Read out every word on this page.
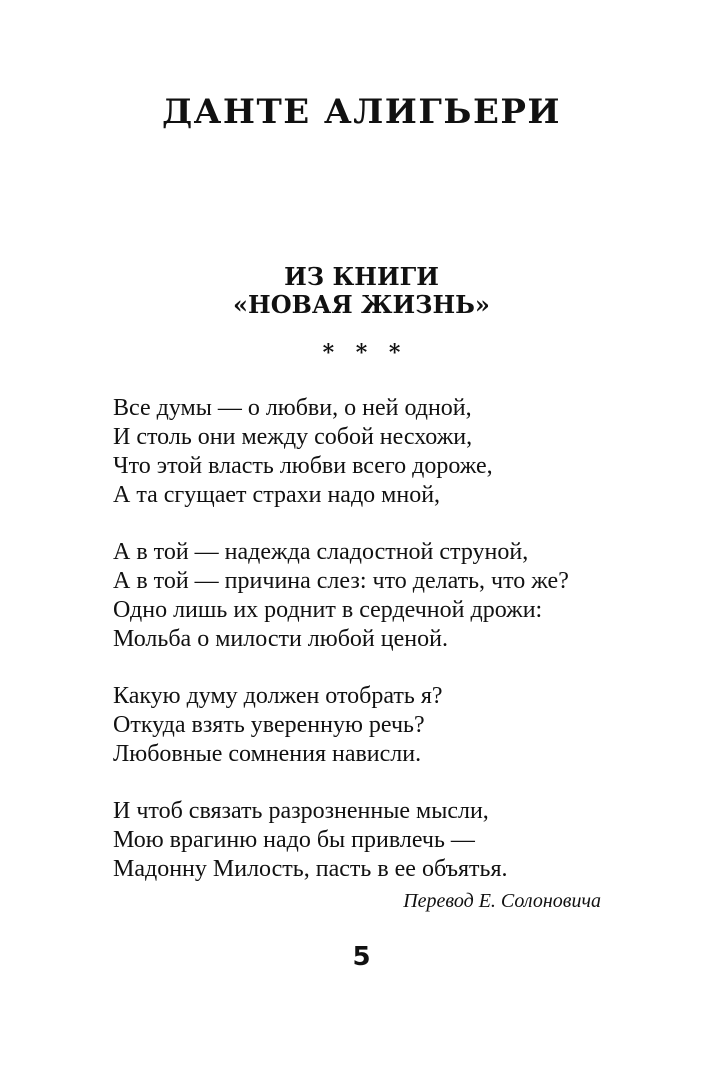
ДАНТЕ АЛИГЬЕРИ
ИЗ КНИГИ
«НОВАЯ ЖИЗНЬ»
* * *
Все думы — о любви, о ней одной,
И столь они между собой несхожи,
Что этой власть любви всего дороже,
А та сгущает страхи надо мной,
А в той — надежда сладостной струной,
А в той — причина слез: что делать, что же?
Одно лишь их роднит в сердечной дрожи:
Мольба о милости любой ценой.
Какую думу должен отобрать я?
Откуда взять уверенную речь?
Любовные сомнения нависли.
И чтоб связать разрозненные мысли,
Мою врагиню надо бы привлечь —
Мадонну Милость, пасть в ее объятья.
Перевод Е. Солоновича
5
